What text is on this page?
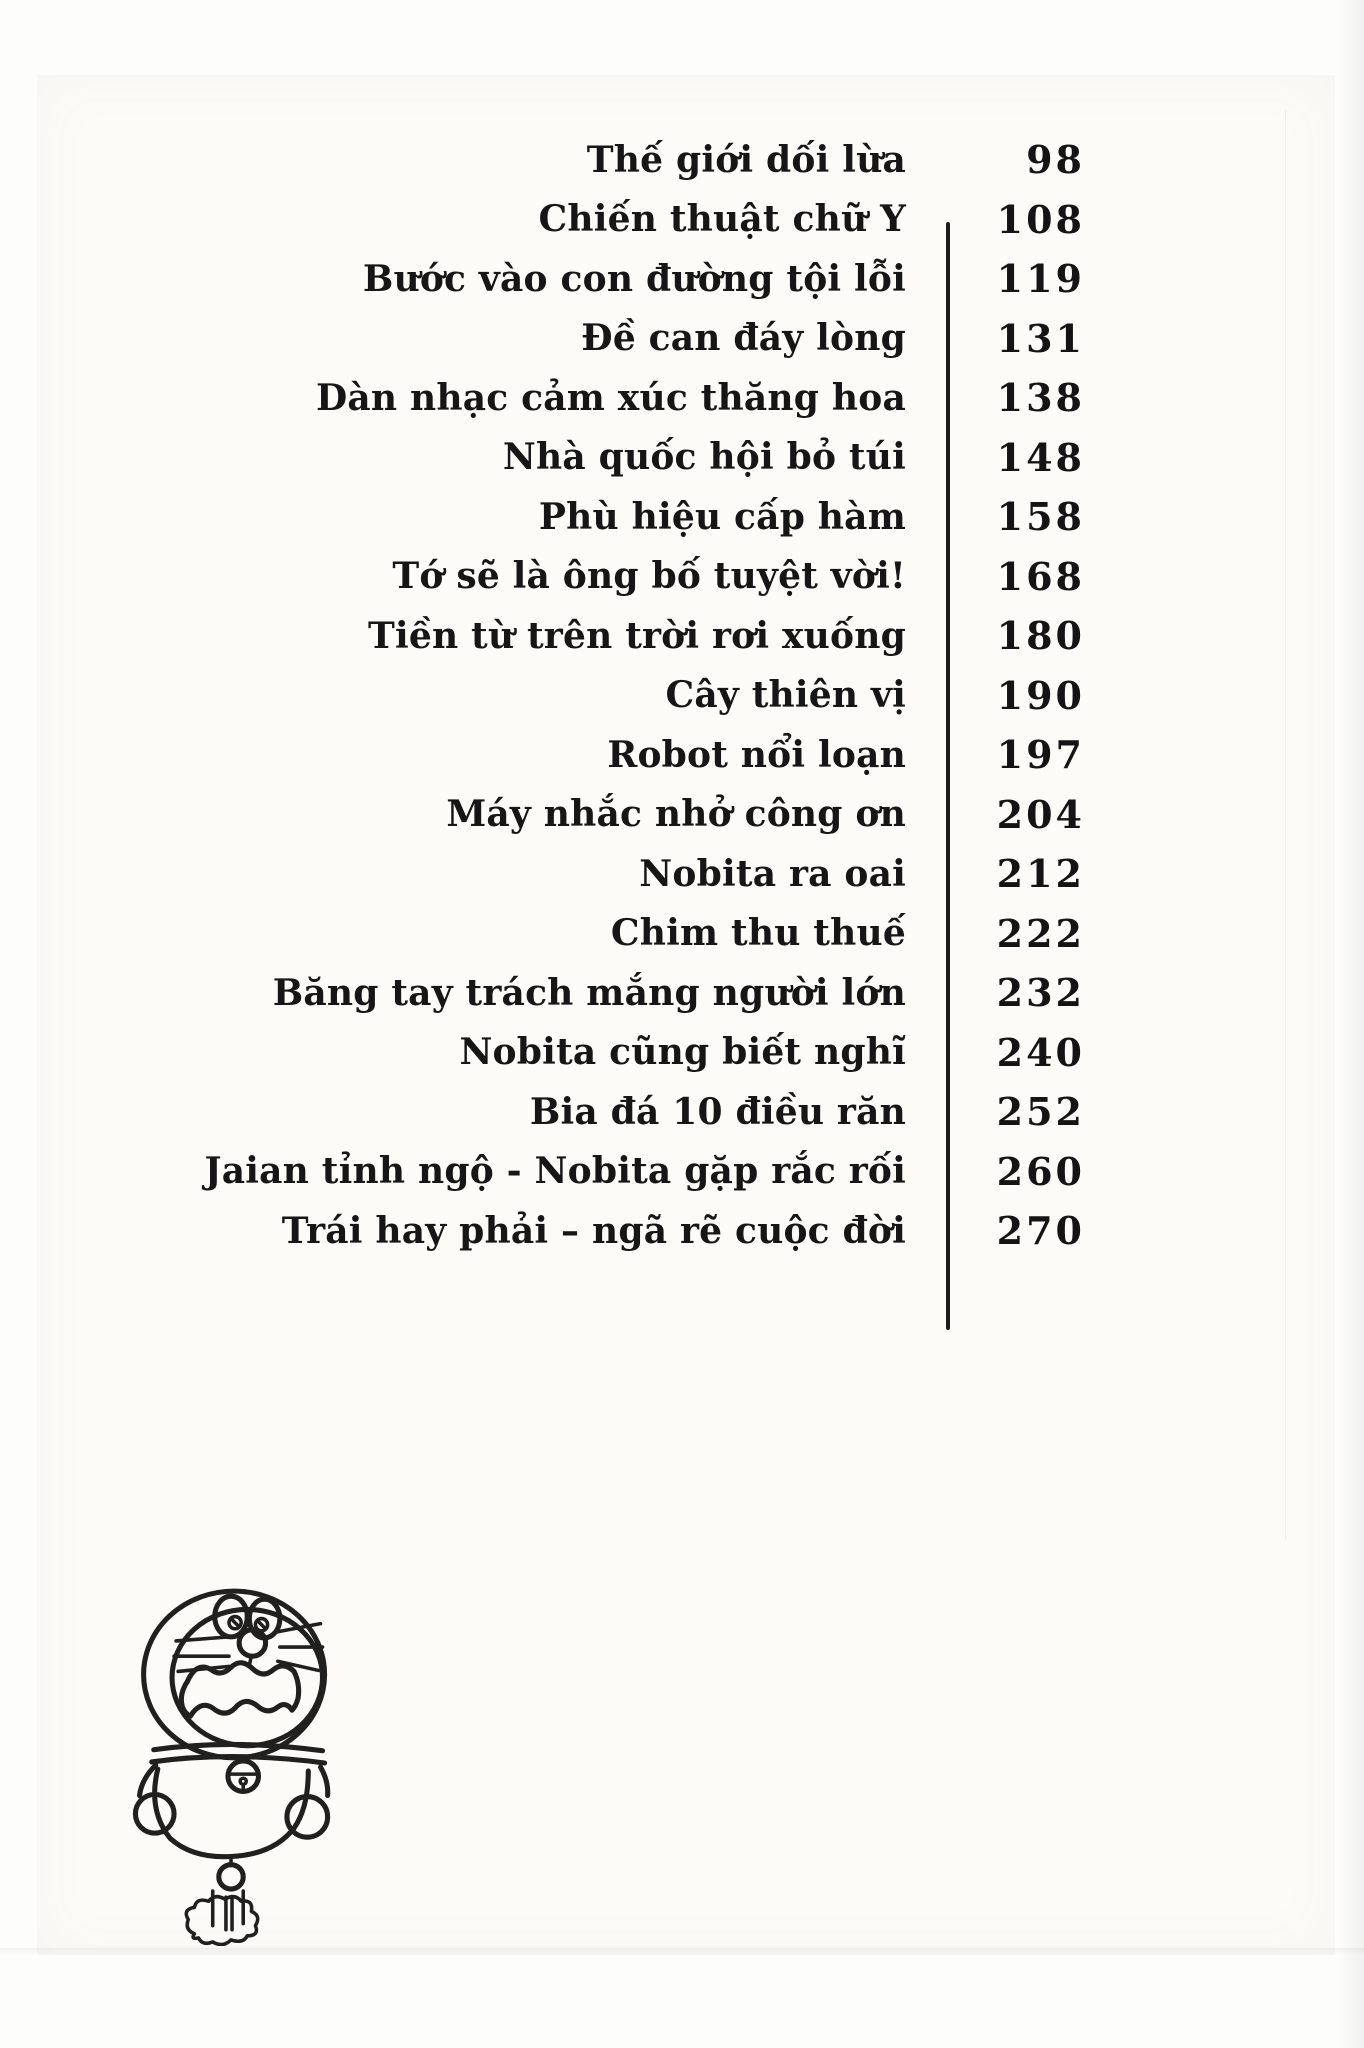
Thế giới dối lừa	98
Chiến thuật chữ Y	108
Bước vào con đường tội lỗi	119
Đề can đáy lòng	131
Dàn nhạc cảm xúc thăng hoa	138
Nhà quốc hội bỏ túi	148
Phù hiệu cấp hàm	158
Tớ sẽ là ông bố tuyệt vời!	168
Tiền từ trên trời rơi xuống	180
Cây thiên vị	190
Robot nổi loạn	197
Máy nhắc nhở công ơn	204
Nobita ra oai	212
Chim thu thuế	222
Băng tay trách mắng người lớn	232
Nobita cũng biết nghĩ	240
Bia đá 10 điều răn	252
Jaian tỉnh ngộ - Nobita gặp rắc rối	260
Trái hay phải – ngã rẽ cuộc đời	270
